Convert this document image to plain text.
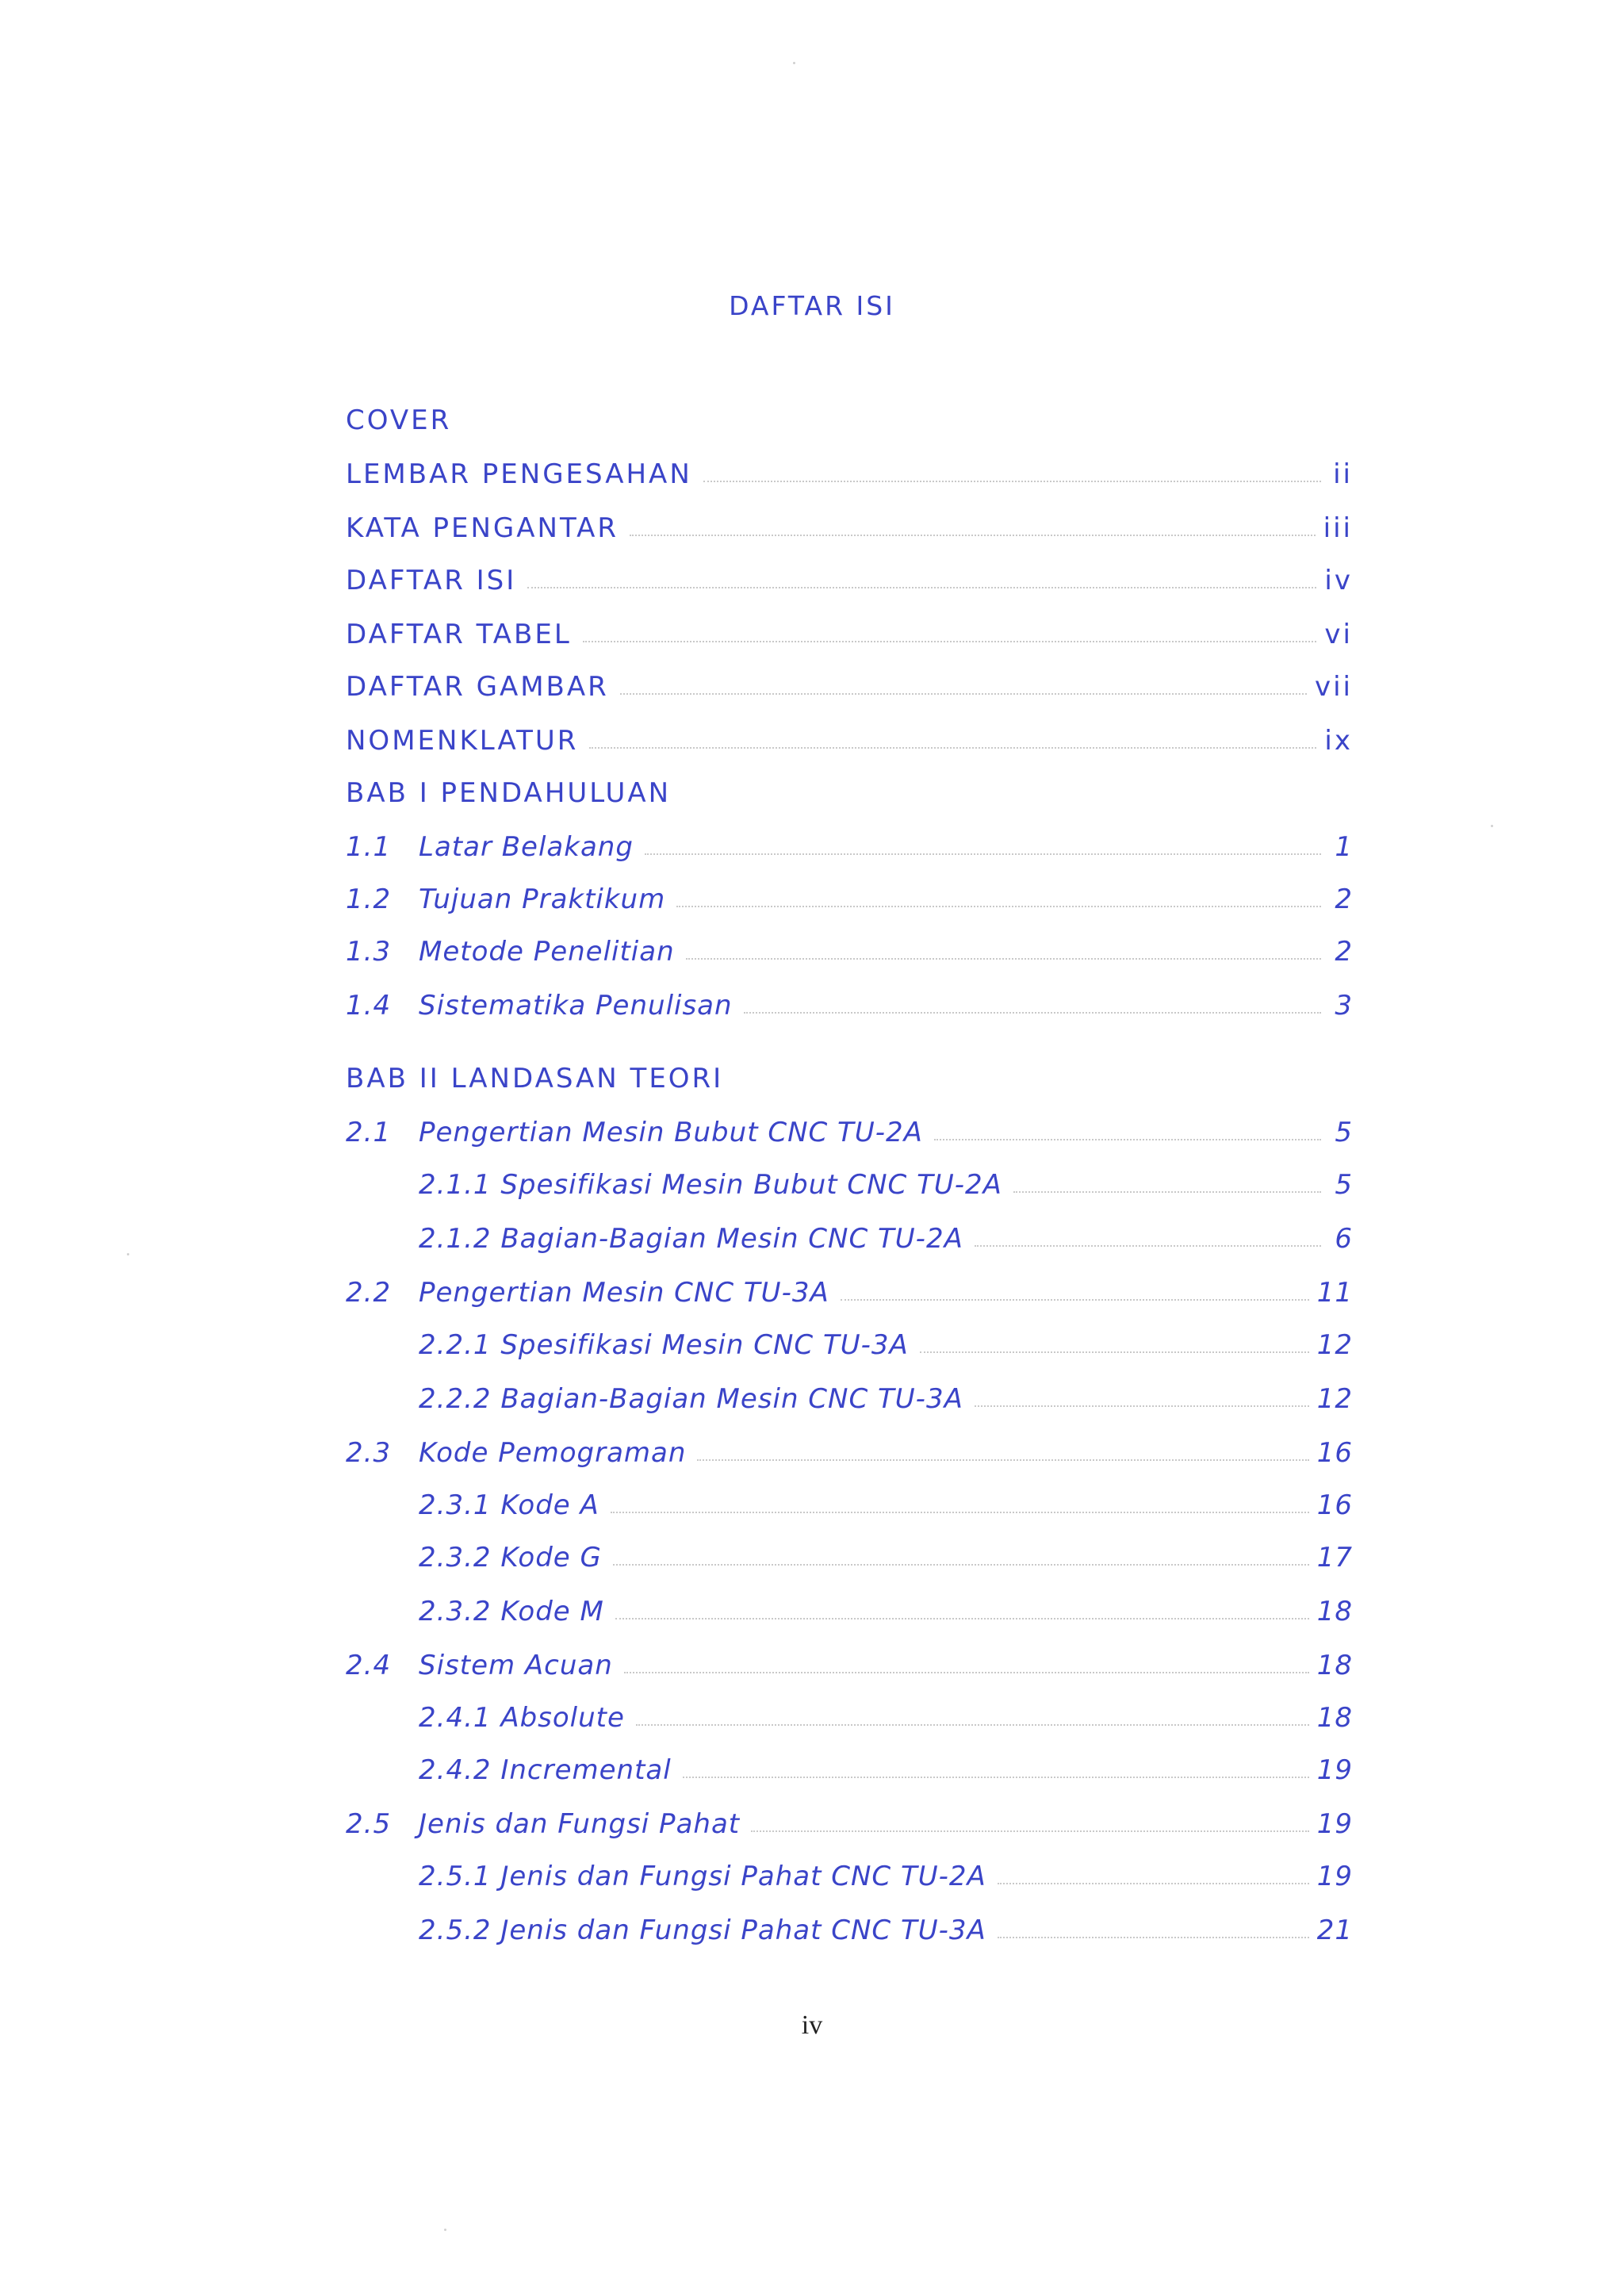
DAFTAR ISI
COVER
LEMBAR PENGESAHAN	ii
KATA PENGANTAR	iii
DAFTAR ISI	iv
DAFTAR TABEL	vi
DAFTAR GAMBAR	vii
NOMENKLATUR	ix
BAB I PENDAHULUAN
1.1	Latar Belakang	1
1.2	Tujuan Praktikum	2
1.3	Metode Penelitian	2
1.4	Sistematika Penulisan	3
BAB II LANDASAN TEORI
2.1	Pengertian Mesin Bubut CNC TU-2A	5
2.1.1 Spesifikasi Mesin Bubut CNC TU-2A	5
2.1.2 Bagian-Bagian Mesin CNC TU-2A	6
2.2	Pengertian Mesin CNC TU-3A	11
2.2.1 Spesifikasi Mesin CNC TU-3A	12
2.2.2 Bagian-Bagian Mesin CNC TU-3A	12
2.3	Kode Pemograman	16
2.3.1 Kode A	16
2.3.2 Kode G	17
2.3.2 Kode M	18
2.4	Sistem Acuan	18
2.4.1 Absolute	18
2.4.2 Incremental	19
2.5	Jenis dan Fungsi Pahat	19
2.5.1 Jenis dan Fungsi Pahat CNC TU-2A	19
2.5.2 Jenis dan Fungsi Pahat CNC TU-3A	21
iv
